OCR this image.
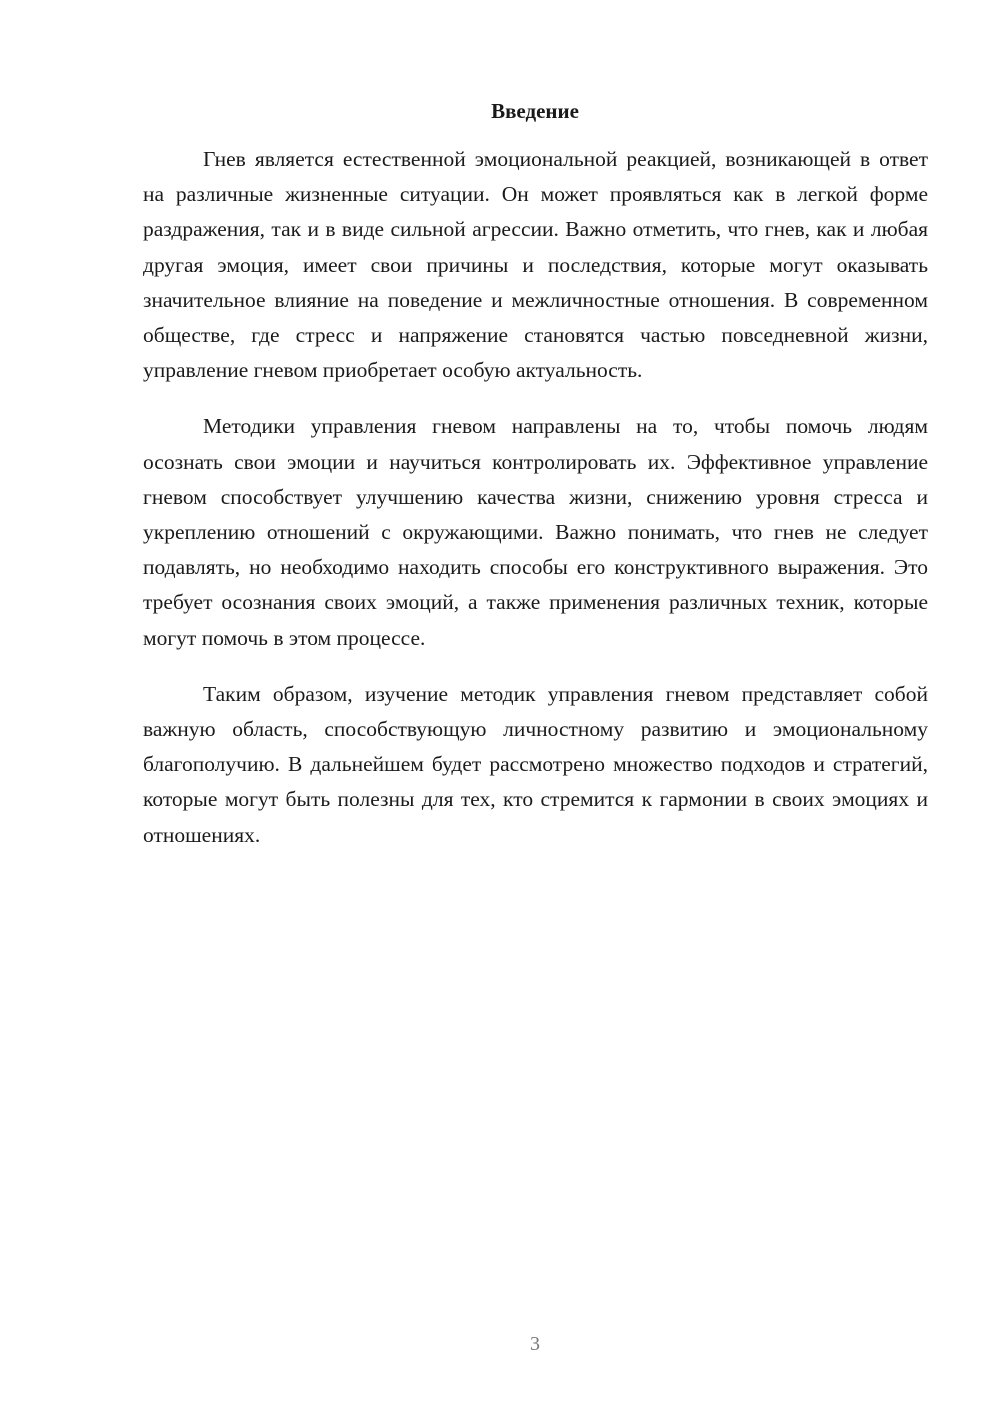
Введение

Гнев является естественной эмоциональной реакцией, возникающей в ответ на различные жизненные ситуации. Он может проявляться как в легкой форме раздражения, так и в виде сильной агрессии. Важно отметить, что гнев, как и любая другая эмоция, имеет свои причины и последствия, которые могут оказывать значительное влияние на поведение и межличностные отношения. В современном обществе, где стресс и напряжение становятся частью повседневной жизни, управление гневом приобретает особую актуальность.

Методики управления гневом направлены на то, чтобы помочь людям осознать свои эмоции и научиться контролировать их. Эффективное управление гневом способствует улучшению качества жизни, снижению уровня стресса и укреплению отношений с окружающими. Важно понимать, что гнев не следует подавлять, но необходимо находить способы его конструктивного выражения. Это требует осознания своих эмоций, а также применения различных техник, которые могут помочь в этом процессе.

Таким образом, изучение методик управления гневом представляет собой важную область, способствующую личностному развитию и эмоциональному благополучию. В дальнейшем будет рассмотрено множество подходов и стратегий, которые могут быть полезны для тех, кто стремится к гармонии в своих эмоциях и отношениях.

3
